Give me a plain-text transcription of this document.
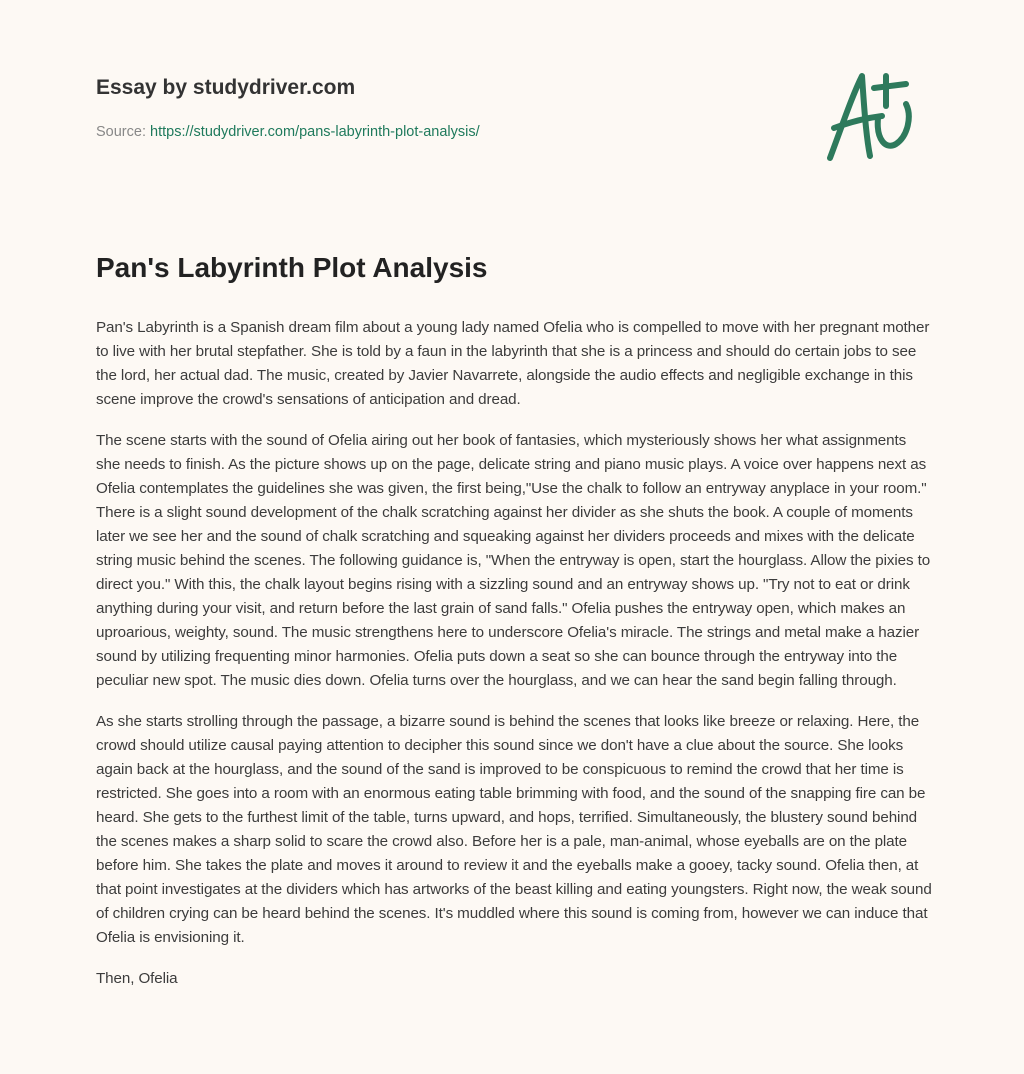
Essay by studydriver.com
Source: https://studydriver.com/pans-labyrinth-plot-analysis/
Pan's Labyrinth Plot Analysis

Pan's Labyrinth is a Spanish dream film about a young lady named Ofelia who is compelled to move with her pregnant mother to live with her brutal stepfather. She is told by a faun in the labyrinth that she is a princess and should do certain jobs to see the lord, her actual dad. The music, created by Javier Navarrete, alongside the audio effects and negligible exchange in this scene improve the crowd's sensations of anticipation and dread.

The scene starts with the sound of Ofelia airing out her book of fantasies, which mysteriously shows her what assignments she needs to finish. As the picture shows up on the page, delicate string and piano music plays. A voice over happens next as Ofelia contemplates the guidelines she was given, the first being,"Use the chalk to follow an entryway anyplace in your room." There is a slight sound development of the chalk scratching against her divider as she shuts the book. A couple of moments later we see her and the sound of chalk scratching and squeaking against her dividers proceeds and mixes with the delicate string music behind the scenes. The following guidance is, "When the entryway is open, start the hourglass. Allow the pixies to direct you." With this, the chalk layout begins rising with a sizzling sound and an entryway shows up. "Try not to eat or drink anything during your visit, and return before the last grain of sand falls." Ofelia pushes the entryway open, which makes an uproarious, weighty, sound. The music strengthens here to underscore Ofelia's miracle. The strings and metal make a hazier sound by utilizing frequenting minor harmonies. Ofelia puts down a seat so she can bounce through the entryway into the peculiar new spot. The music dies down. Ofelia turns over the hourglass, and we can hear the sand begin falling through.

As she starts strolling through the passage, a bizarre sound is behind the scenes that looks like breeze or relaxing. Here, the crowd should utilize causal paying attention to decipher this sound since we don't have a clue about the source. She looks again back at the hourglass, and the sound of the sand is improved to be conspicuous to remind the crowd that her time is restricted. She goes into a room with an enormous eating table brimming with food, and the sound of the snapping fire can be heard. She gets to the furthest limit of the table, turns upward, and hops, terrified. Simultaneously, the blustery sound behind the scenes makes a sharp solid to scare the crowd also. Before her is a pale, man-animal, whose eyeballs are on the plate before him. She takes the plate and moves it around to review it and the eyeballs make a gooey, tacky sound. Ofelia then, at that point investigates at the dividers which has artworks of the beast killing and eating youngsters. Right now, the weak sound of children crying can be heard behind the scenes. It's muddled where this sound is coming from, however we can induce that Ofelia is envisioning it.

Then, Ofelia
